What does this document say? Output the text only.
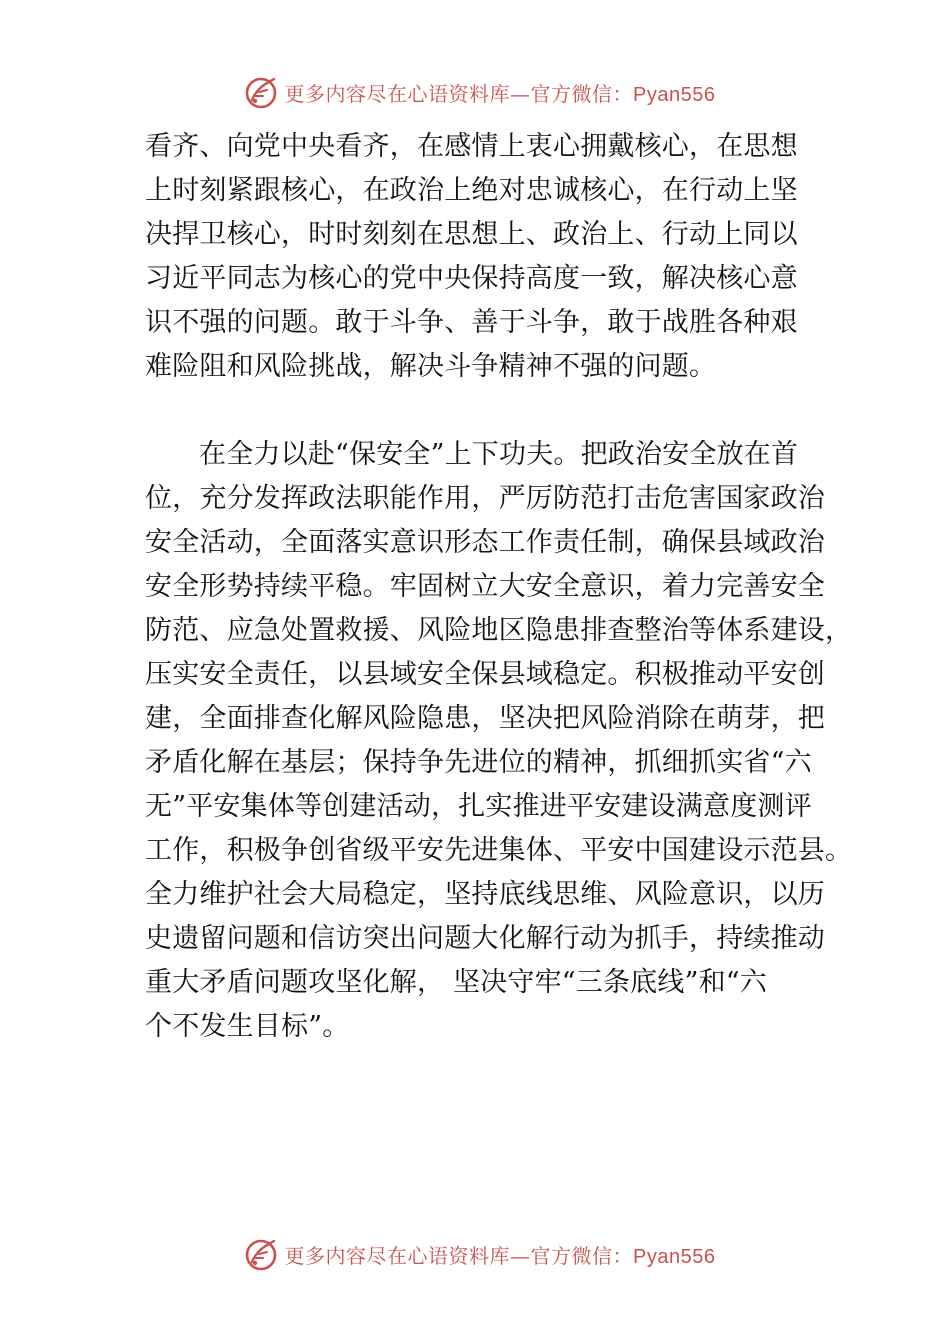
更多内容尽在心语资料库—官方微信：Pyan556
看齐、向党中央看齐，在感情上衷心拥戴核心，在思想
上时刻紧跟核心，在政治上绝对忠诚核心，在行动上坚
决捍卫核心，时时刻刻在思想上、政治上、行动上同以
习近平同志为核心的党中央保持高度一致，解决核心意
识不强的问题。敢于斗争、善于斗争，敢于战胜各种艰
难险阻和风险挑战，解决斗争精神不强的问题。
在全力以赴“保安全”上下功夫。把政治安全放在首
位，充分发挥政法职能作用，严厉防范打击危害国家政治
安全活动，全面落实意识形态工作责任制，确保县域政治
安全形势持续平稳。牢固树立大安全意识，着力完善安全
防范、应急处置救援、风险地区隐患排查整治等体系建设，
压实安全责任，以县域安全保县域稳定。积极推动平安创
建，全面排查化解风险隐患，坚决把风险消除在萌芽，把
矛盾化解在基层；保持争先进位的精神，抓细抓实省“六
无”平安集体等创建活动，扎实推进平安建设满意度测评
工作，积极争创省级平安先进集体、平安中国建设示范县。
全力维护社会大局稳定，坚持底线思维、风险意识，以历
史遗留问题和信访突出问题大化解行动为抓手，持续推动
重大矛盾问题攻坚化解， 坚决守牢“三条底线”和“六
个不发生目标”。
更多内容尽在心语资料库—官方微信：Pyan556
